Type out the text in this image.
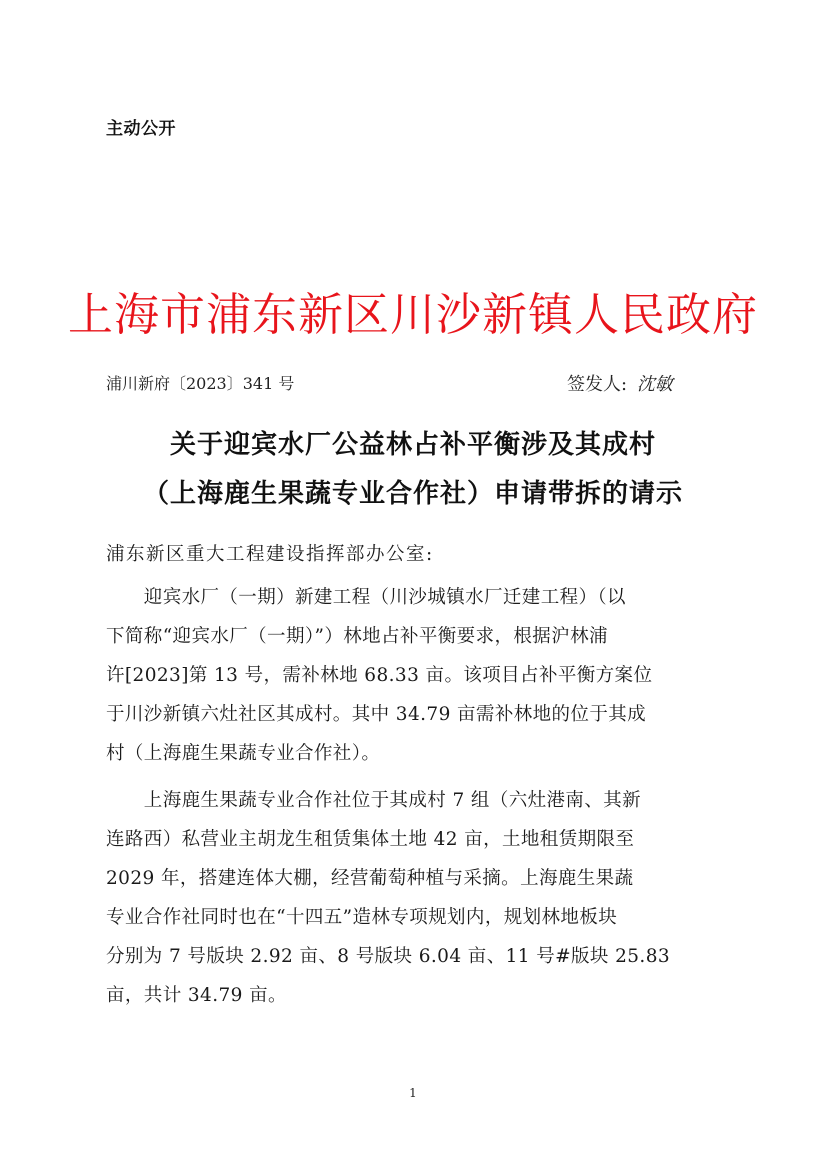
主动公开
上海市浦东新区川沙新镇人民政府
浦川新府〔2023〕341 号	签发人: 沈敏
关于迎宾水厂公益林占补平衡涉及其成村
（上海鹿生果蔬专业合作社）申请带拆的请示
浦东新区重大工程建设指挥部办公室:
　　迎宾水厂（一期）新建工程（川沙城镇水厂迁建工程）（以
下简称“迎宾水厂（一期）”）林地占补平衡要求，根据沪林浦
许[2023]第 13 号，需补林地 68.33 亩。该项目占补平衡方案位
于川沙新镇六灶社区其成村。其中 34.79 亩需补林地的位于其成
村（上海鹿生果蔬专业合作社）。
　　上海鹿生果蔬专业合作社位于其成村 7 组（六灶港南、其新
连路西）私营业主胡龙生租赁集体土地 42 亩，土地租赁期限至
2029 年，搭建连体大棚，经营葡萄种植与采摘。上海鹿生果蔬
专业合作社同时也在“十四五”造林专项规划内，规划林地板块
分别为 7 号版块 2.92 亩、8 号版块 6.04 亩、11 号#版块 25.83
亩，共计 34.79 亩。
1
